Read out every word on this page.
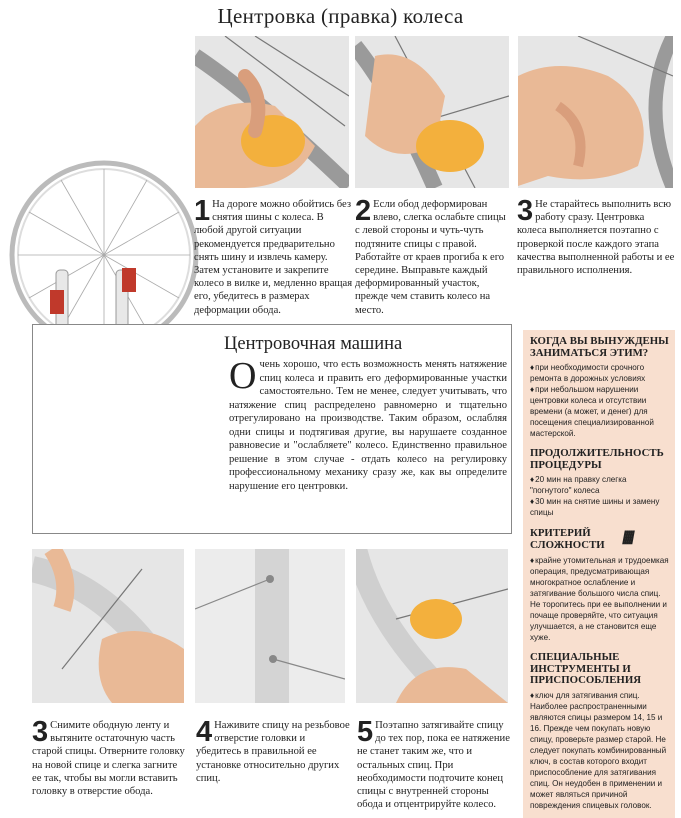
Центровка (правка) колеса
1 На дороге можно обойтись без снятия шины с колеса. В любой другой ситуации рекомендуется предварительно снять шину и извлечь камеру. Затем установите и закрепите колесо в вилке и, медленно вращая его, убедитесь в размерах деформации обода.
2 Если обод деформирован влево, слегка ослабьте спицы с левой стороны и чуть-чуть подтяните спицы с правой. Работайте от краев прогиба к его середине. Выправьте каждый деформированный участок, прежде чем ставить колесо на место.
3 Не старайтесь выполнить всю работу сразу. Центровка колеса выполняется поэтапно с проверкой после каждого этапа качества выполненной работы и ее правильного исполнения.
Центровочная машина
Очень хорошо, что есть возможность менять натяжение спиц колеса и править его деформированные участки самостоятельно. Тем не менее, следует учитывать, что натяжение спиц распределено равномерно и тщательно отрегулировано на производстве. Таким образом, ослабляя одни спицы и подтягивая другие, вы нарушаете созданное равновесие и "ослабляете" колесо. Единственно правильное решение в этом случае - отдать колесо на регулировку профессиональному механику сразу же, как вы определите нарушение его центровки.

КОГДА ВЫ ВЫНУЖДЕНЫ ЗАНИМАТЬСЯ ЭТИМ?

♦при необходимости срочного ремонта в дорожных условиях

♦при небольшом нарушении центровки колеса и отсутствии времени (а может, и денег) для посещения специализированной мастерской.

ПРОДОЛЖИТЕЛЬНОСТЬ ПРОЦЕДУРЫ

♦20 мин на правку слегка "погнутого" колеса

♦30 мин на снятие шины и замену спицы

КРИТЕРИЙ СЛОЖНОСТИ /////

♦крайне утомительная и трудоемкая операция, предусматривающая многократное ослабление и затягивание большого числа спиц. Не торопитесь при ее выполнении и почаще проверяйте, что ситуация улучшается, а не становится еще хуже.

СПЕЦИАЛЬНЫЕ ИНСТРУМЕНТЫ И ПРИСПОСОБЛЕНИЯ

♦ключ для затягивания спиц. Наиболее распространенными являются спицы размером 14, 15 и 16. Прежде чем покупать новую спицу, проверьте размер старой. Не следует покупать комбинированный ключ, в состав которого входит приспособление для затягивания спиц. Он неудобен в применении и может являться причиной повреждения спицевых головок.

3 Снимите ободную ленту и вытяните остаточную часть старой спицы. Отверните головку на новой спице и слегка загните ее так, чтобы вы могли вставить головку в отверстие обода.
4 Наживите спицу на резьбовое отверстие головки и убедитесь в правильной ее установке относительно других спиц.
5 Поэтапно затягивайте спицу до тех пор, пока ее натяжение не станет таким же, что и остальных спиц. При необходимости подточите конец спицы с внутренней стороны обода и отцентрируйте колесо.
